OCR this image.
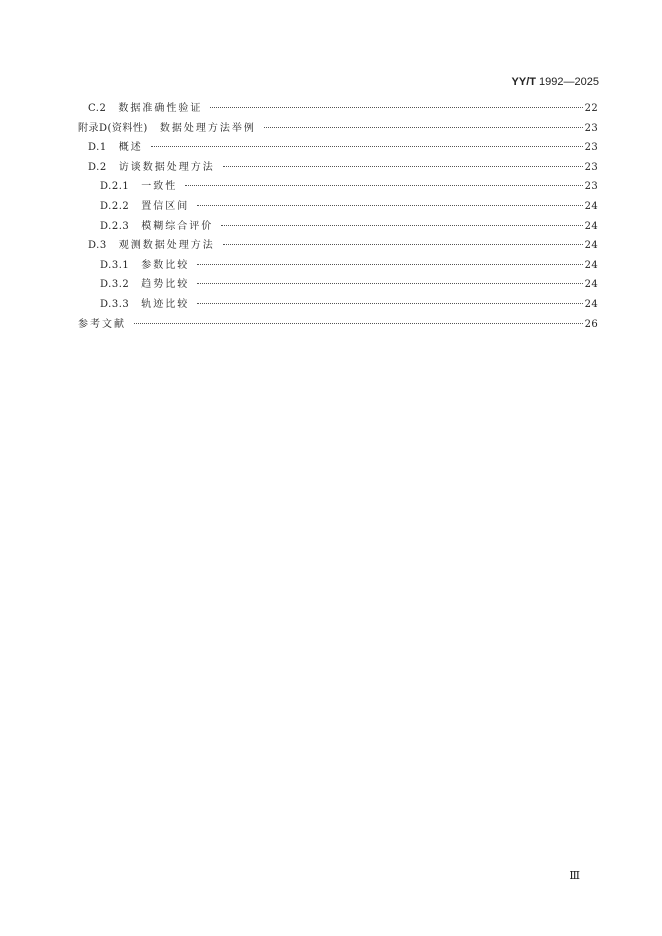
YY/T 1992—2025
C.2 数据准确性验证	22
附录D(资料性) 数据处理方法举例	23
D.1 概述	23
D.2 访谈数据处理方法	23
D.2.1 一致性	23
D.2.2 置信区间	24
D.2.3 模糊综合评价	24
D.3 观测数据处理方法	24
D.3.1 参数比较	24
D.3.2 趋势比较	24
D.3.3 轨迹比较	24
参考文献	26
Ⅲ
